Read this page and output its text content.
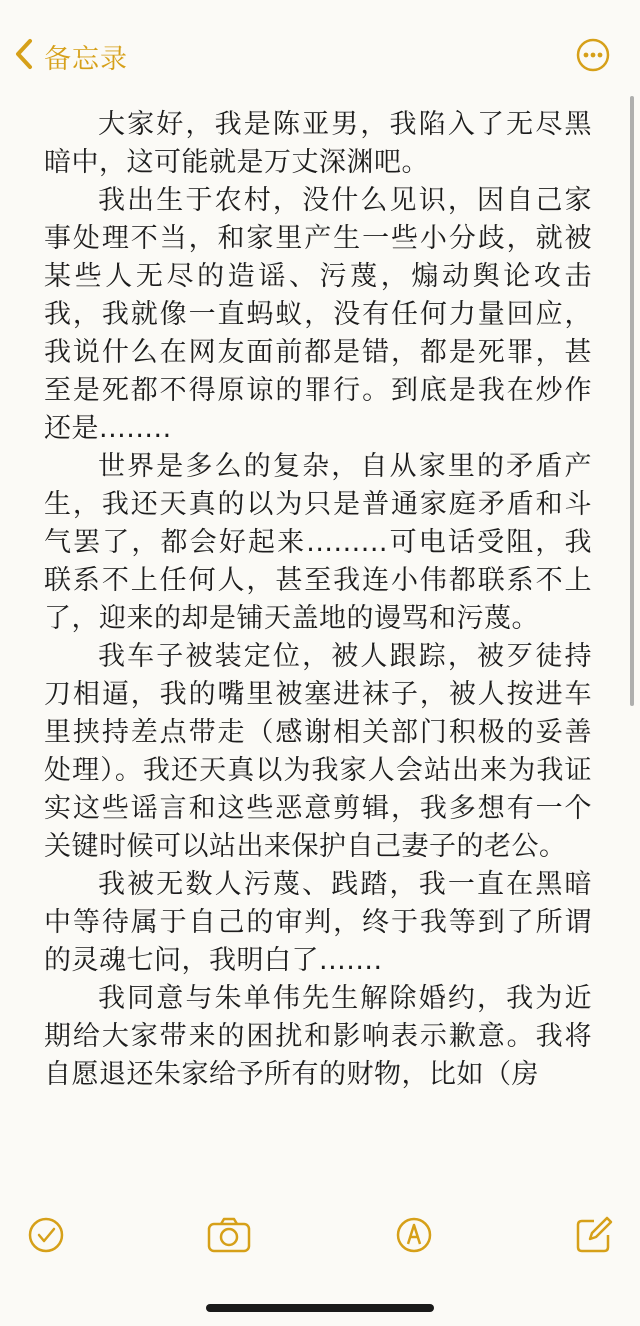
备忘录

大家好，我是陈亚男，我陷入了无尽黑暗中，这可能就是万丈深渊吧。

我出生于农村，没什么见识，因自己家事处理不当，和家里产生一些小分歧，就被某些人无尽的造谣、污蔑，煽动舆论攻击我，我就像一直蚂蚁，没有任何力量回应，我说什么在网友面前都是错，都是死罪，甚至是死都不得原谅的罪行。到底是我在炒作还是........

世界是多么的复杂，自从家里的矛盾产生，我还天真的以为只是普通家庭矛盾和斗气罢了，都会好起来.........可电话受阻，我联系不上任何人，甚至我连小伟都联系不上了，迎来的却是铺天盖地的谩骂和污蔑。

我车子被装定位，被人跟踪，被歹徒持刀相逼，我的嘴里被塞进袜子，被人按进车里挟持差点带走（感谢相关部门积极的妥善处理）。我还天真以为我家人会站出来为我证实这些谣言和这些恶意剪辑，我多想有一个关键时候可以站出来保护自己妻子的老公。

我被无数人污蔑、践踏，我一直在黑暗中等待属于自己的审判，终于我等到了所谓的灵魂七问，我明白了.......

我同意与朱单伟先生解除婚约，我为近期给大家带来的困扰和影响表示歉意。我将自愿退还朱家给予所有的财物，比如（房
